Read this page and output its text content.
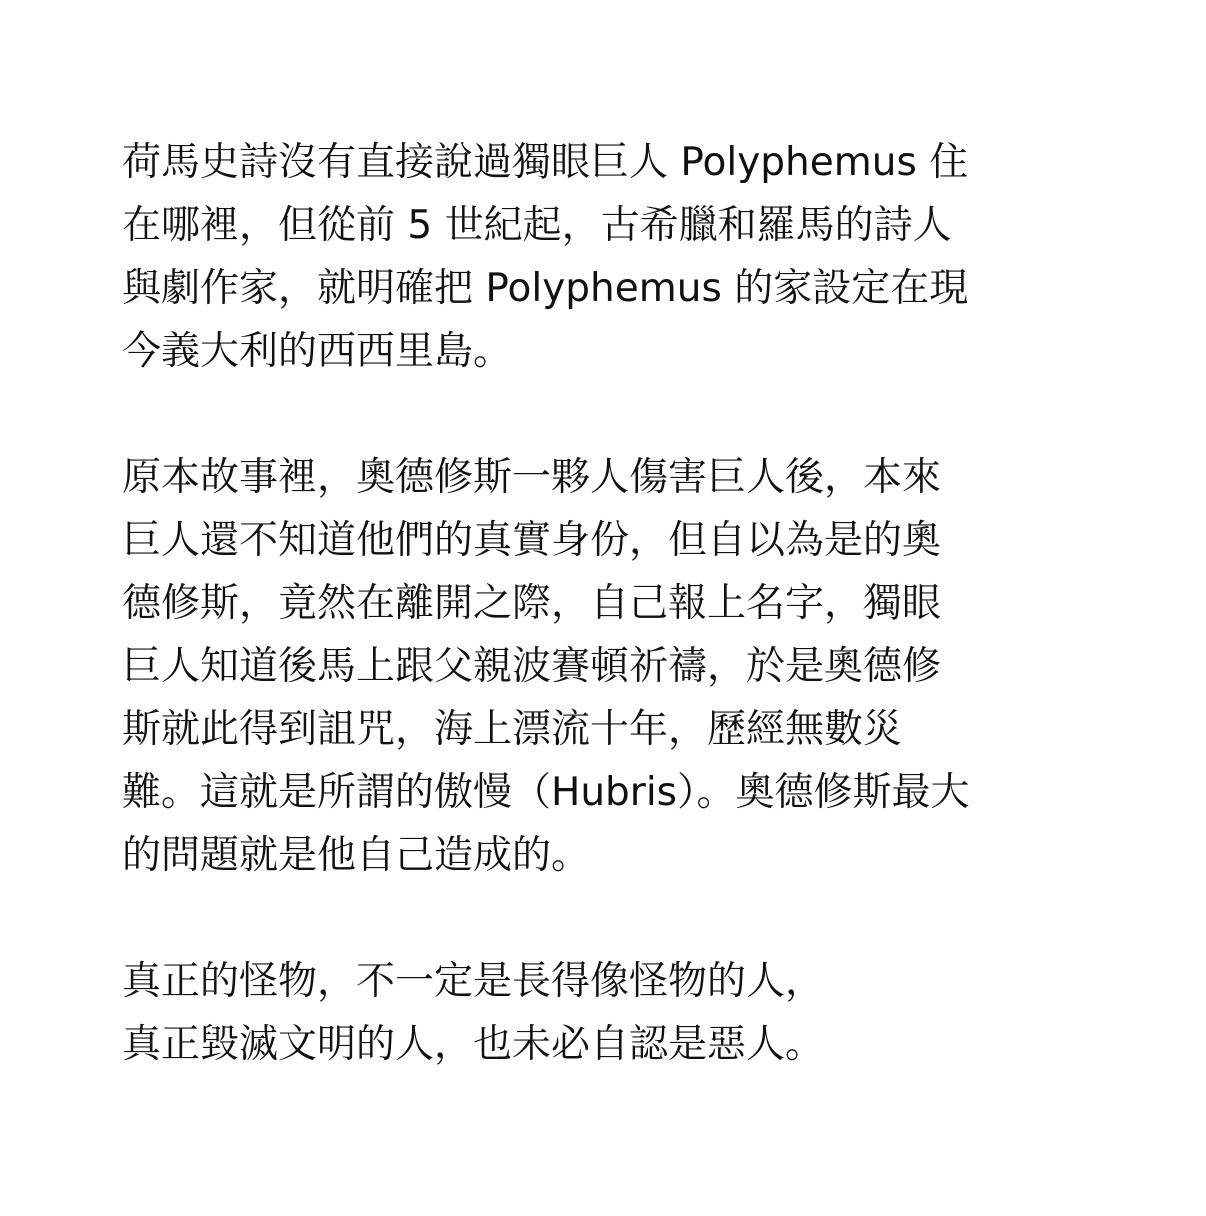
荷馬史詩沒有直接說過獨眼巨人 Polyphemus 住
在哪裡，但從前 5 世紀起，古希臘和羅馬的詩人
與劇作家，就明確把 Polyphemus 的家設定在現
今義大利的西西里島。
原本故事裡，奧德修斯一夥人傷害巨人後，本來
巨人還不知道他們的真實身份，但自以為是的奧
德修斯，竟然在離開之際，自己報上名字，獨眼
巨人知道後馬上跟父親波賽頓祈禱，於是奧德修
斯就此得到詛咒，海上漂流十年，歷經無數災
難。這就是所謂的傲慢（Hubris）。奧德修斯最大
的問題就是他自己造成的。
真正的怪物，不一定是長得像怪物的人，
真正毀滅文明的人，也未必自認是惡人。
